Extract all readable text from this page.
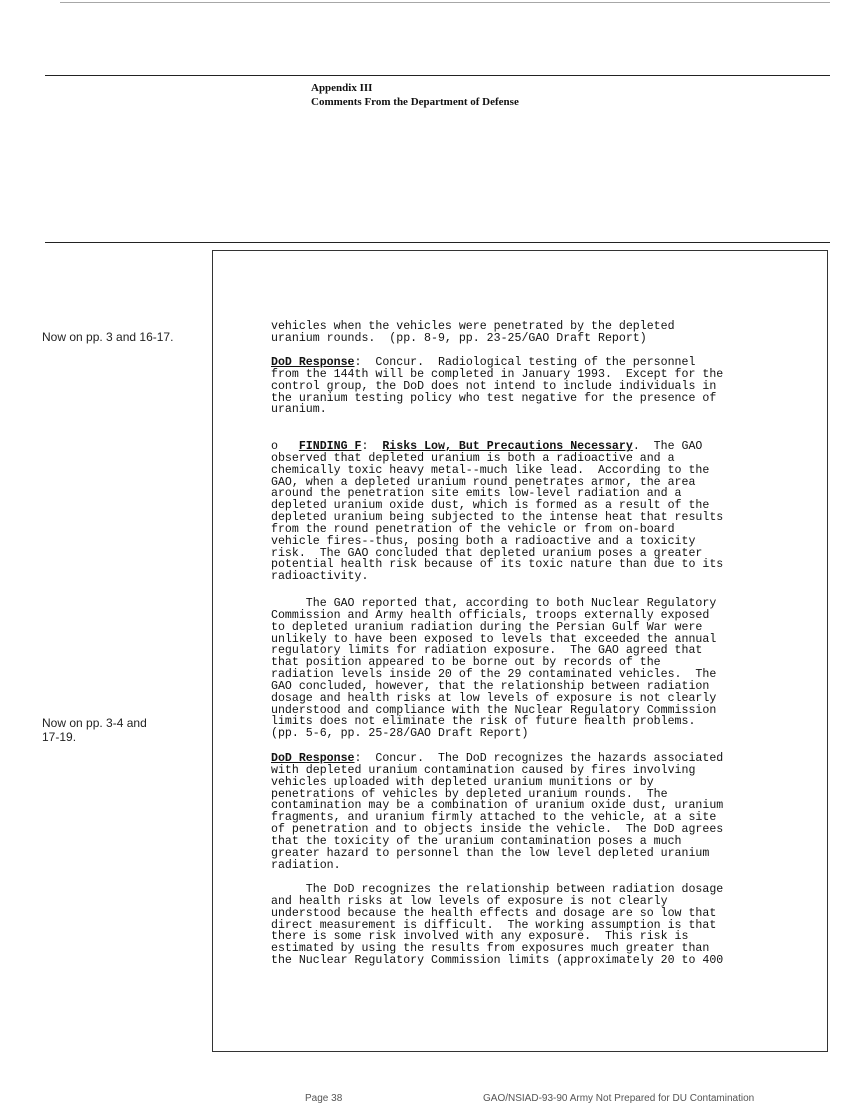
Appendix III
Comments From the Department of Defense
Now on pp. 3 and 16-17.
Now on pp. 3-4 and
17-19.
vehicles when the vehicles were penetrated by the depleted
uranium rounds.  (pp. 8-9, pp. 23-25/GAO Draft Report)
DoD Response:  Concur.  Radiological testing of the personnel
from the 144th will be completed in January 1993.  Except for the
control group, the DoD does not intend to include individuals in
the uranium testing policy who test negative for the presence of
uranium.
o   FINDING F:  Risks Low, But Precautions Necessary.  The GAO
observed that depleted uranium is both a radioactive and a
chemically toxic heavy metal--much like lead.  According to the
GAO, when a depleted uranium round penetrates armor, the area
around the penetration site emits low-level radiation and a
depleted uranium oxide dust, which is formed as a result of the
depleted uranium being subjected to the intense heat that results
from the round penetration of the vehicle or from on-board
vehicle fires--thus, posing both a radioactive and a toxicity
risk.  The GAO concluded that depleted uranium poses a greater
potential health risk because of its toxic nature than due to its
radioactivity.
The GAO reported that, according to both Nuclear Regulatory
Commission and Army health officials, troops externally exposed
to depleted uranium radiation during the Persian Gulf War were
unlikely to have been exposed to levels that exceeded the annual
regulatory limits for radiation exposure.  The GAO agreed that
that position appeared to be borne out by records of the
radiation levels inside 20 of the 29 contaminated vehicles.  The
GAO concluded, however, that the relationship between radiation
dosage and health risks at low levels of exposure is not clearly
understood and compliance with the Nuclear Regulatory Commission
limits does not eliminate the risk of future health problems.
(pp. 5-6, pp. 25-28/GAO Draft Report)
DoD Response:  Concur.  The DoD recognizes the hazards associated
with depleted uranium contamination caused by fires involving
vehicles uploaded with depleted uranium munitions or by
penetrations of vehicles by depleted uranium rounds.  The
contamination may be a combination of uranium oxide dust, uranium
fragments, and uranium firmly attached to the vehicle, at a site
of penetration and to objects inside the vehicle.  The DoD agrees
that the toxicity of the uranium contamination poses a much
greater hazard to personnel than the low level depleted uranium
radiation.
The DoD recognizes the relationship between radiation dosage
and health risks at low levels of exposure is not clearly
understood because the health effects and dosage are so low that
direct measurement is difficult.  The working assumption is that
there is some risk involved with any exposure.  This risk is
estimated by using the results from exposures much greater than
the Nuclear Regulatory Commission limits (approximately 20 to 400
Page 38	GAO/NSIAD-93-90 Army Not Prepared for DU Contamination
